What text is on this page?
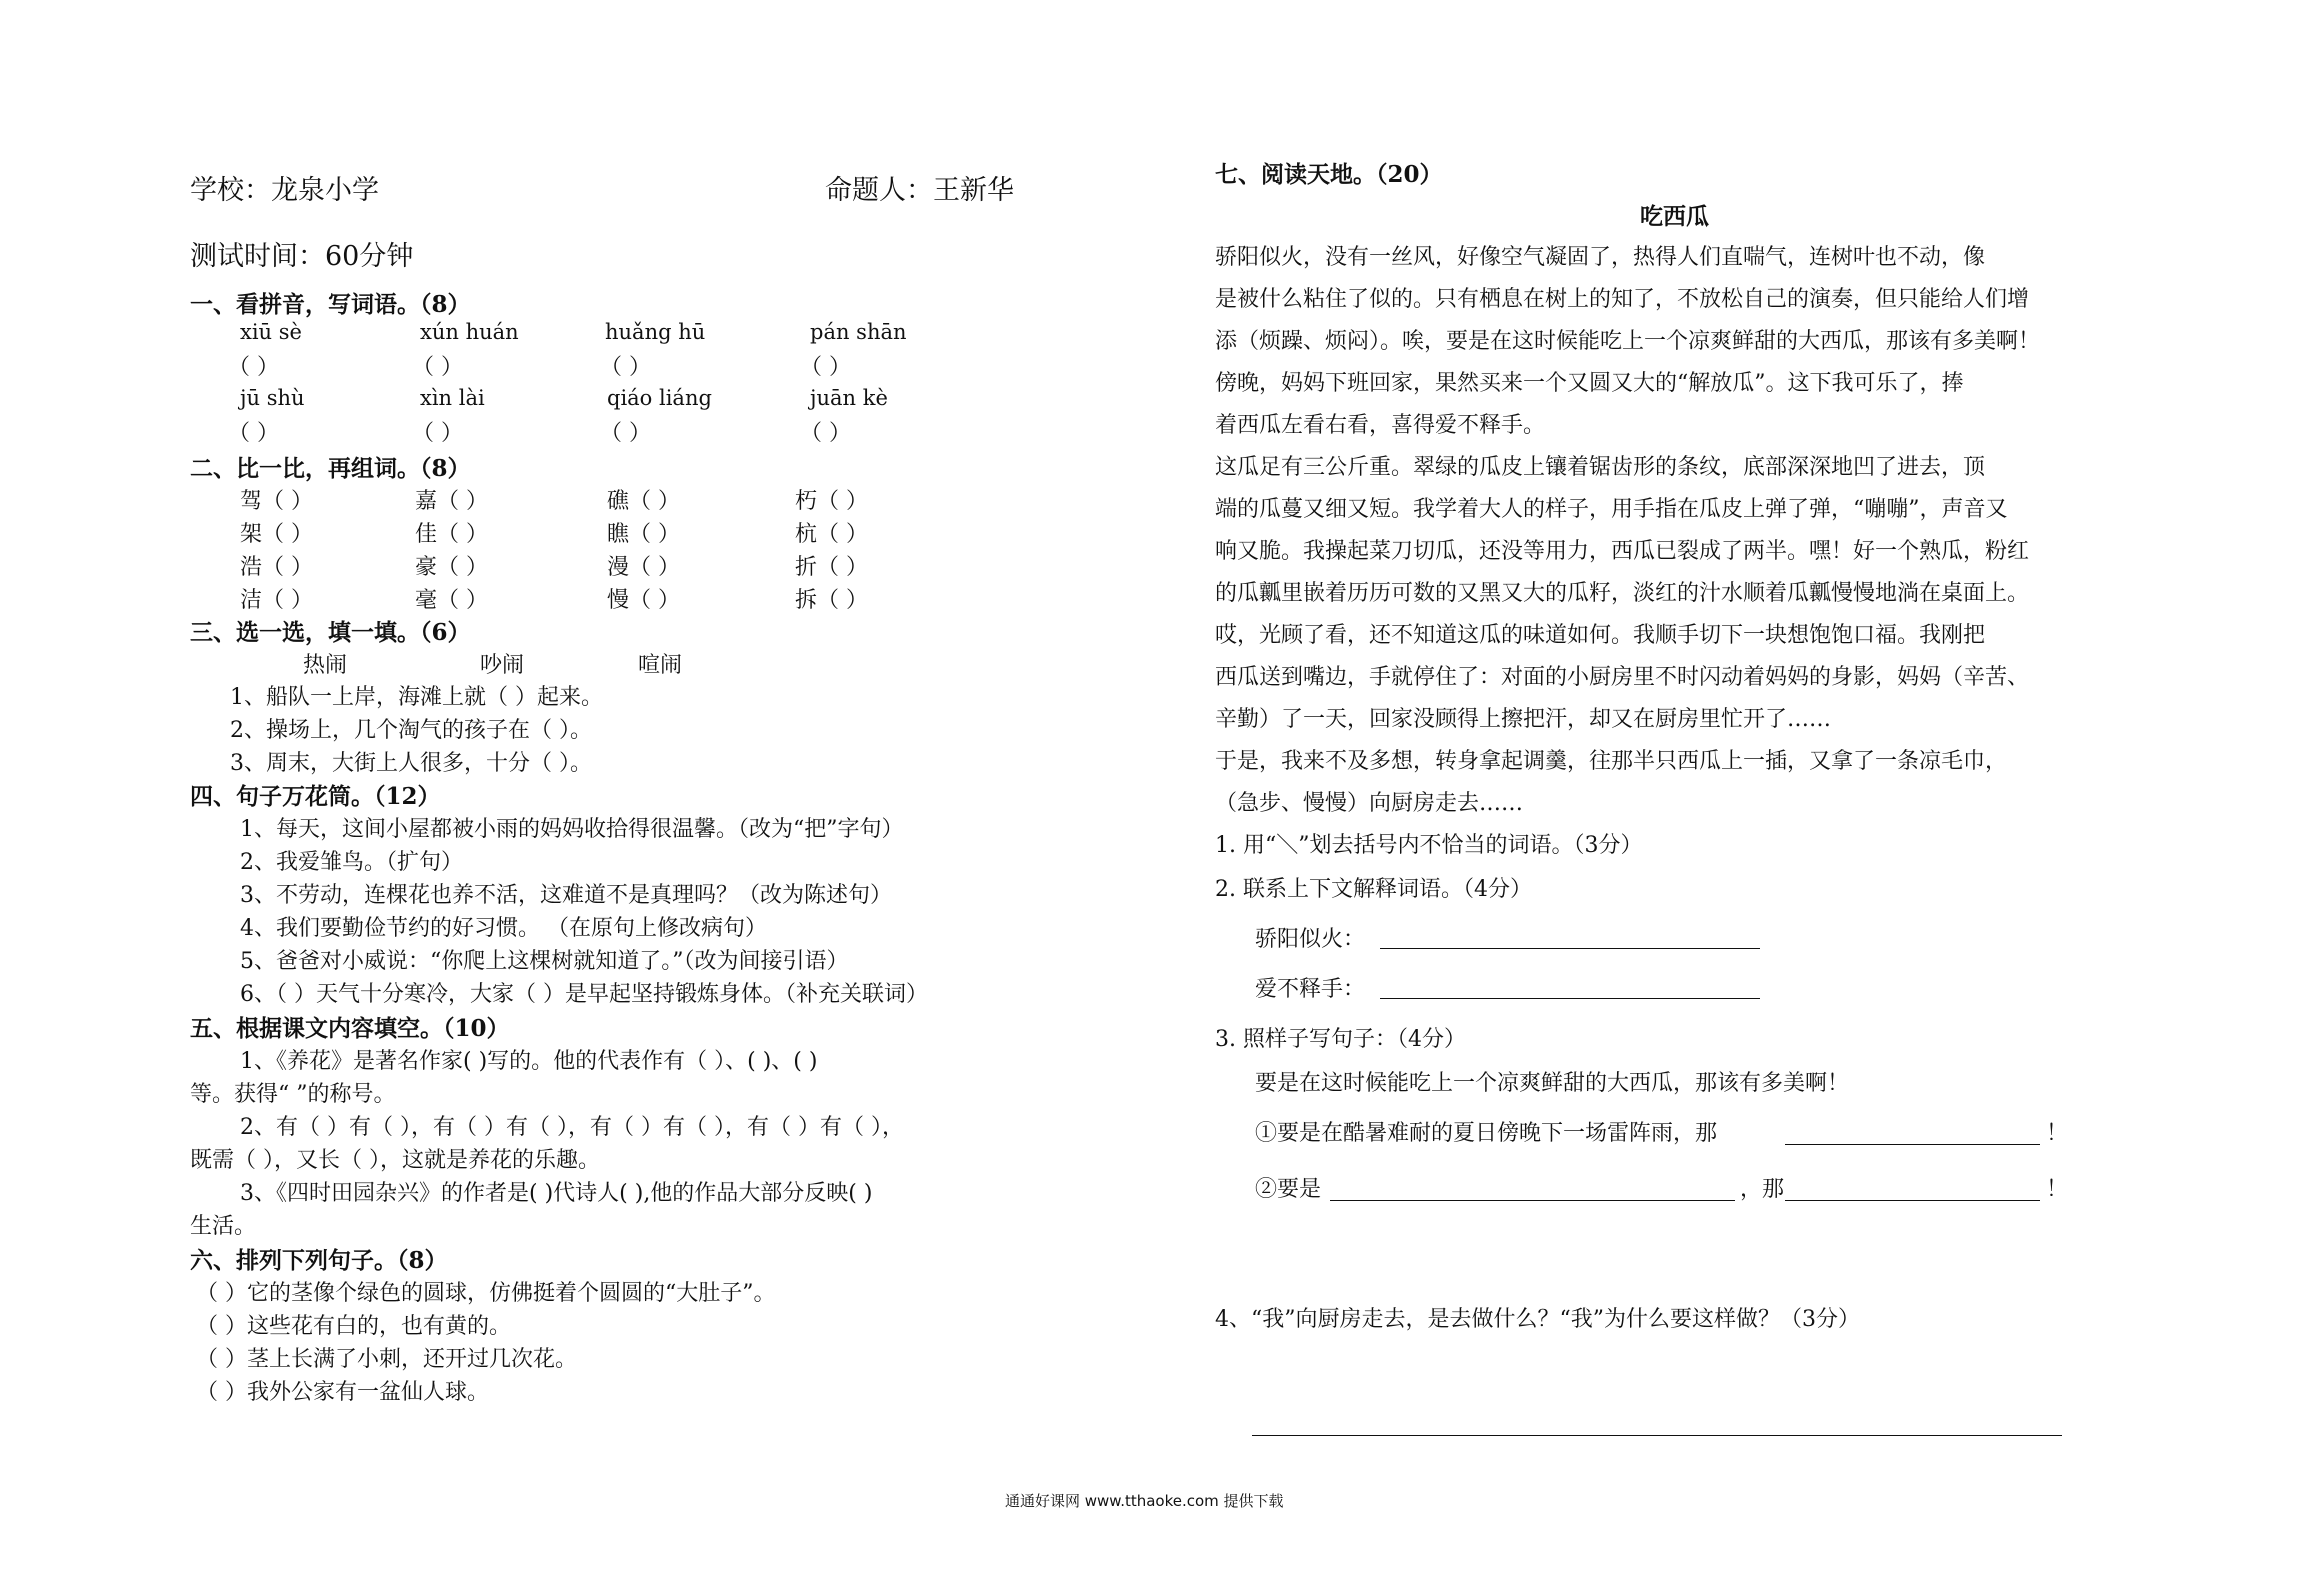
学校：龙泉小学	命题人：王新华
测试时间：60分钟
一、看拼音，写词语。（8）
xiū sè	xún huán	huǎng hū	pán shān
（ ）	（ ）	（ ）	（ ）
jū shù	xìn lài	qiáo liáng	juān kè
（ ）	（ ）	（ ）	（ ）
二、比一比，再组词。（8）
驾（ ）	嘉（ ）	礁（ ）	朽（ ）
架（ ）	佳（ ）	瞧（ ）	杭（ ）
浩（ ）	豪（ ）	漫（ ）	折（ ）
洁（ ）	毫（ ）	慢（ ）	拆（ ）
三、选一选，填一填。（6）
热闹	吵闹	喧闹
1、船队一上岸，海滩上就（ ）起来。
2、操场上，几个淘气的孩子在（ ）。
3、周末，大街上人很多，十分（ ）。
四、句子万花筒。（12）
1、每天，这间小屋都被小雨的妈妈收拾得很温馨。（改为“把”字句）
2、我爱雏鸟。（扩句）
3、不劳动，连棵花也养不活，这难道不是真理吗？（改为陈述句）
4、我们要勤俭节约的好习惯。 （在原句上修改病句）
5、爸爸对小威说：“你爬上这棵树就知道了。”（改为间接引语）
6、（ ）天气十分寒冷，大家（ ）是早起坚持锻炼身体。（补充关联词）
五、根据课文内容填空。（10）
1、《养花》是著名作家( )写的。他的代表作有（ ）、( )、( )
等。获得“ ”的称号。
2、有（ ）有（ ），有（ ）有（ ），有（ ）有（ ），有（ ）有（ ），
既需（ ），又长（ ），这就是养花的乐趣。
3、《四时田园杂兴》的作者是( )代诗人( ),他的作品大部分反映( )
生活。
六、排列下列句子。（8）
（ ）它的茎像个绿色的圆球，仿佛挺着个圆圆的“大肚子”。
（ ）这些花有白的，也有黄的。
（ ）茎上长满了小刺，还开过几次花。
（ ）我外公家有一盆仙人球。
七、阅读天地。（20）
吃西瓜
骄阳似火，没有一丝风，好像空气凝固了，热得人们直喘气，连树叶也不动，像
是被什么粘住了似的。只有栖息在树上的知了，不放松自己的演奏，但只能给人们增
添（烦躁、烦闷）。唉，要是在这时候能吃上一个凉爽鲜甜的大西瓜，那该有多美啊！
傍晚，妈妈下班回家，果然买来一个又圆又大的“解放瓜”。这下我可乐了，捧
着西瓜左看右看，喜得爱不释手。
这瓜足有三公斤重。翠绿的瓜皮上镶着锯齿形的条纹，底部深深地凹了进去，顶
端的瓜蔓又细又短。我学着大人的样子，用手指在瓜皮上弹了弹，“嘣嘣”，声音又
响又脆。我操起菜刀切瓜，还没等用力，西瓜已裂成了两半。嘿！好一个熟瓜，粉红
的瓜瓤里嵌着历历可数的又黑又大的瓜籽，淡红的汁水顺着瓜瓤慢慢地淌在桌面上。
哎，光顾了看，还不知道这瓜的味道如何。我顺手切下一块想饱饱口福。我刚把
西瓜送到嘴边，手就停住了：对面的小厨房里不时闪动着妈妈的身影，妈妈（辛苦、
辛勤）了一天，回家没顾得上擦把汗，却又在厨房里忙开了……
于是，我来不及多想，转身拿起调羹，往那半只西瓜上一插，又拿了一条凉毛巾，
（急步、慢慢）向厨房走去……
1. 用“＼”划去括号内不恰当的词语。（3分）
2. 联系上下文解释词语。（4分）
骄阳似火：
爱不释手：
3. 照样子写句子：（4分）
要是在这时候能吃上一个凉爽鲜甜的大西瓜，那该有多美啊！
①要是在酷暑难耐的夏日傍晚下一场雷阵雨，那	！
②要是	，那	！
4、“我”向厨房走去，是去做什么？“我”为什么要这样做？（3分）
通通好课网 www.tthaoke.com 提供下载
